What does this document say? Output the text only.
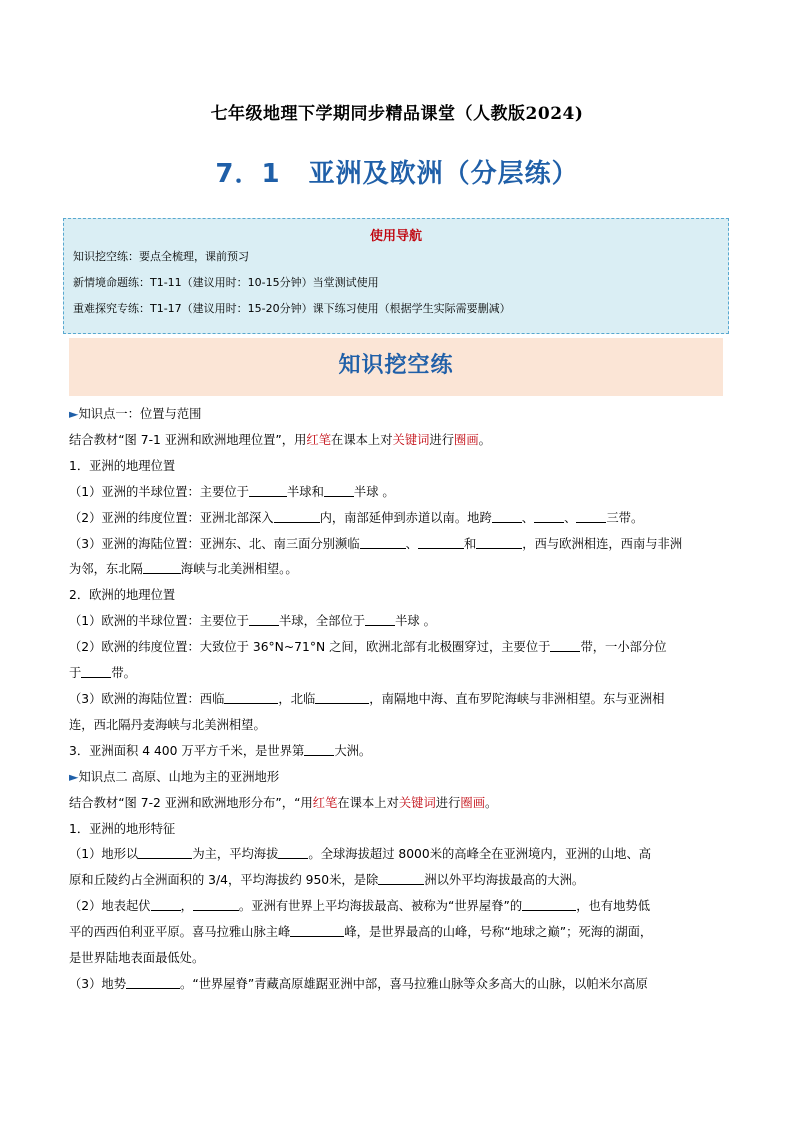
七年级地理下学期同步精品课堂（人教版2024)
7．1 亚洲及欧洲（分层练）
使用导航
知识挖空练：要点全梳理，课前预习
新情境命题练：T1-11（建议用时：10-15分钟）当堂测试使用
重难探究专练：T1-17（建议用时：15-20分钟）课下练习使用（根据学生实际需要删减）
知识挖空练
►知识点一：位置与范围
结合教材“图 7-1 亚洲和欧洲地理位置”，用红笔在课本上对关键词进行圈画。
1．亚洲的地理位置
（1）亚洲的半球位置：主要位于	半球和 半球 。
（2）亚洲的纬度位置：亚洲北部深入	内，南部延伸到赤道以南。地跨 、 、 三带。
（3）亚洲的海陆位置：亚洲东、北、南三面分别濒临	、	和	，西与欧洲相连，西南与非洲
为邻，东北隔	海峡与北美洲相望。。
2．欧洲的地理位置
（1）欧洲的半球位置：主要位于 半球，全部位于 半球 。
（2）欧洲的纬度位置：大致位于 36°N~71°N 之间，欧洲北部有北极圈穿过，主要位于 带，一小部分位
于 带。
（3）欧洲的海陆位置：西临	，北临	，南隔地中海、直布罗陀海峡与非洲相望。东与亚洲相
连，西北隔丹麦海峡与北美洲相望。
3．亚洲面积 4 400 万平方千米，是世界第 大洲。
►知识点二 高原、山地为主的亚洲地形
结合教材“图 7-2 亚洲和欧洲地形分布”，“用红笔在课本上对关键词进行圈画。
1．亚洲的地形特征
（1）地形以	为主，平均海拔 。全球海拔超过 8000米的高峰全在亚洲境内，亚洲的山地、高
原和丘陵约占全洲面积的 3/4，平均海拔约 950米，是除	洲以外平均海拔最高的大洲。
（2）地表起伏 ，	。亚洲有世界上平均海拔最高、被称为“世界屋脊”的	，也有地势低
平的西西伯利亚平原。喜马拉雅山脉主峰	峰，是世界最高的山峰，号称“地球之巅”；死海的湖面，
是世界陆地表面最低处。
（3）地势	。“世界屋脊”青藏高原雄踞亚洲中部，喜马拉雅山脉等众多高大的山脉，以帕米尔高原
